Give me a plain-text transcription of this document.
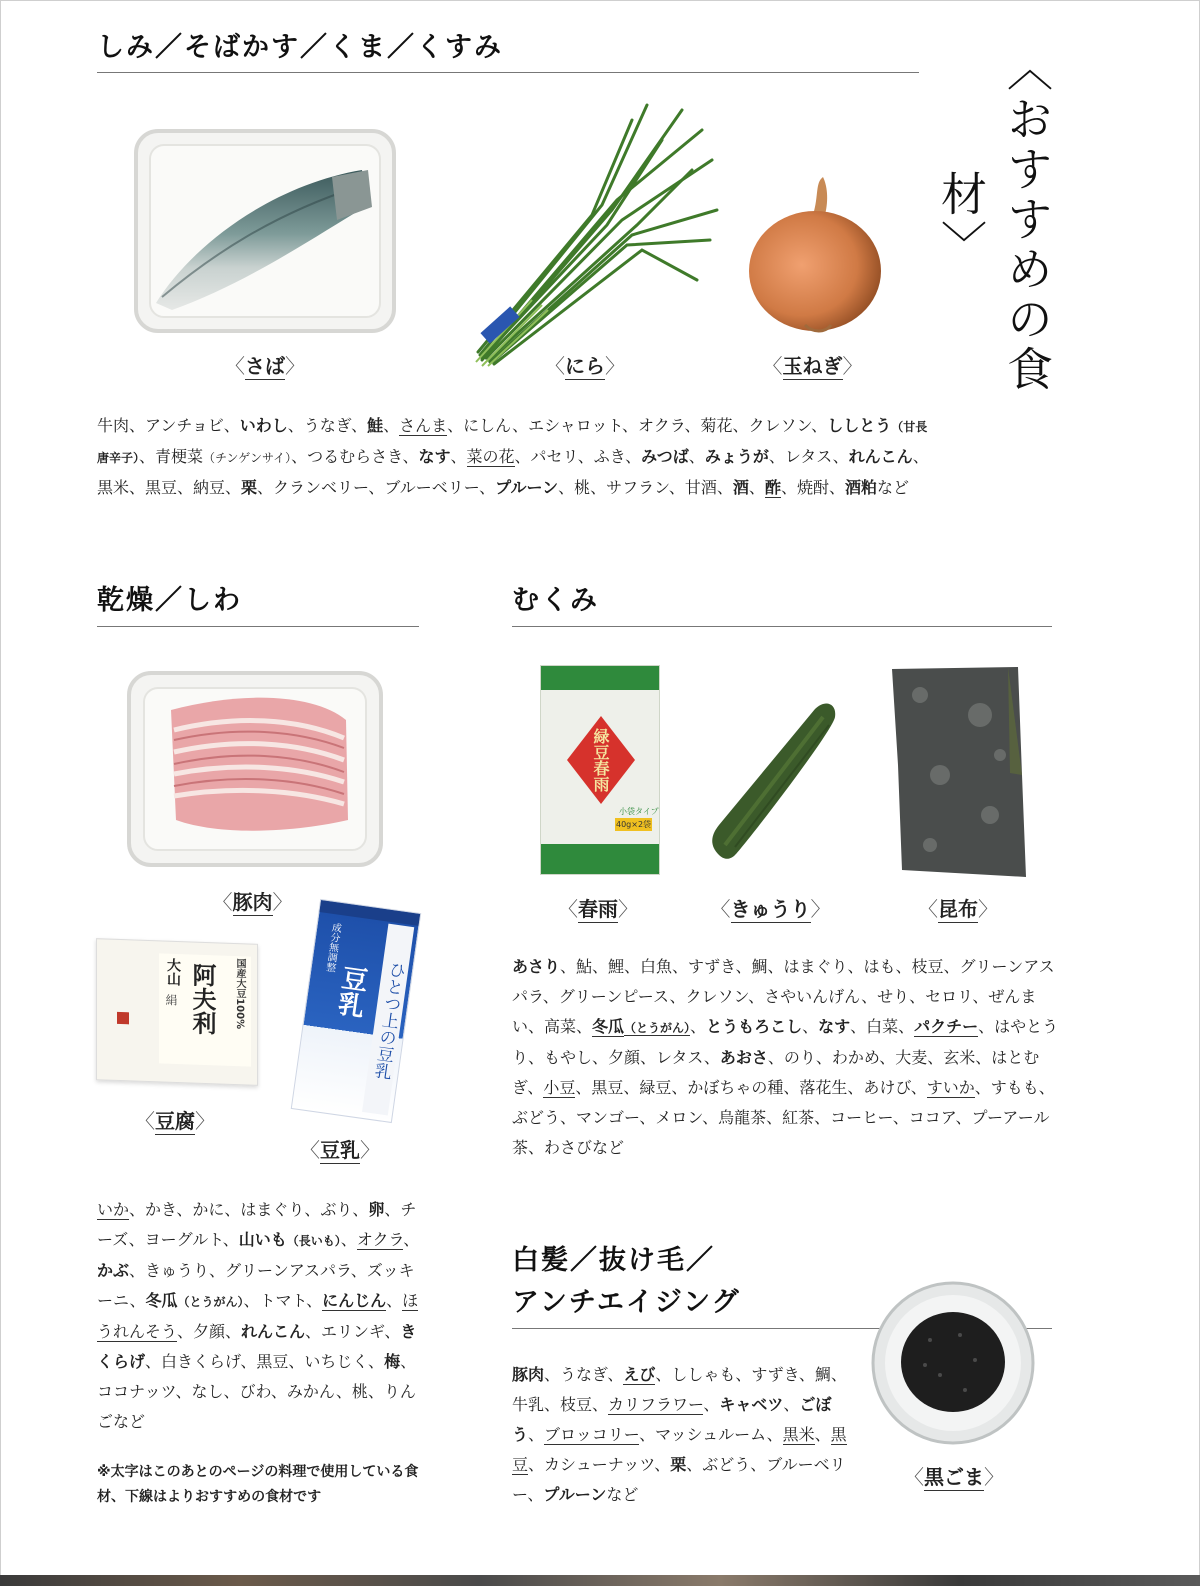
〈おすすめの食材〉
しみ／そばかす／くま／くすみ
〈さば〉	〈にら〉	〈玉ねぎ〉
牛肉、アンチョビ、いわし、うなぎ、鮭、さんま、にしん、エシャロット、オクラ、菊花、クレソン、ししとう（甘長唐辛子）、青梗菜（チンゲンサイ）、つるむらさき、なす、菜の花、パセリ、ふき、みつば、みょうが、レタス、れんこん、黒米、黒豆、納豆、栗、クランベリー、ブルーベリー、プルーン、桃、サフラン、甘酒、酒、酢、焼酎、酒粕など
乾燥／しわ
〈豚肉〉
国産大豆100%
大山
絹 阿夫利
〈豆腐〉
成分無調整
豆乳 ひとつ上の豆乳
〈豆乳〉
いか、かき、かに、はまぐり、ぶり、卵、チーズ、ヨーグルト、山いも（長いも）、オクラ、かぶ、きゅうり、グリーンアスパラ、ズッキーニ、冬瓜（とうがん）、トマト、にんじん、ほうれんそう、夕顔、れんこん、エリンギ、きくらげ、白きくらげ、黒豆、いちじく、梅、ココナッツ、なし、びわ、みかん、桃、りんごなど
※太字はこのあとのページの料理で使用している食材、下線はよりおすすめの食材です
むくみ
緑豆春雨
小袋タイプ
40g×2袋
〈春雨〉	〈きゅうり〉	〈昆布〉
あさり、鮎、鯉、白魚、すずき、鯛、はまぐり、はも、枝豆、グリーンアスパラ、グリーンピース、クレソン、さやいんげん、せり、セロリ、ぜんまい、高菜、冬瓜（とうがん）、とうもろこし、なす、白菜、パクチー、はやとうり、もやし、夕顔、レタス、あおさ、のり、わかめ、大麦、玄米、はとむぎ、小豆、黒豆、緑豆、かぼちゃの種、落花生、あけび、すいか、すもも、ぶどう、マンゴー、メロン、烏龍茶、紅茶、コーヒー、ココア、プーアール茶、わさびなど
白髪／抜け毛／
アンチエイジング
〈黒ごま〉
豚肉、うなぎ、えび、ししゃも、すずき、鯛、牛乳、枝豆、カリフラワー、キャベツ、ごぼう、ブロッコリー、マッシュルーム、黒米、黒豆、カシューナッツ、栗、ぶどう、ブルーベリー、プルーンなど
